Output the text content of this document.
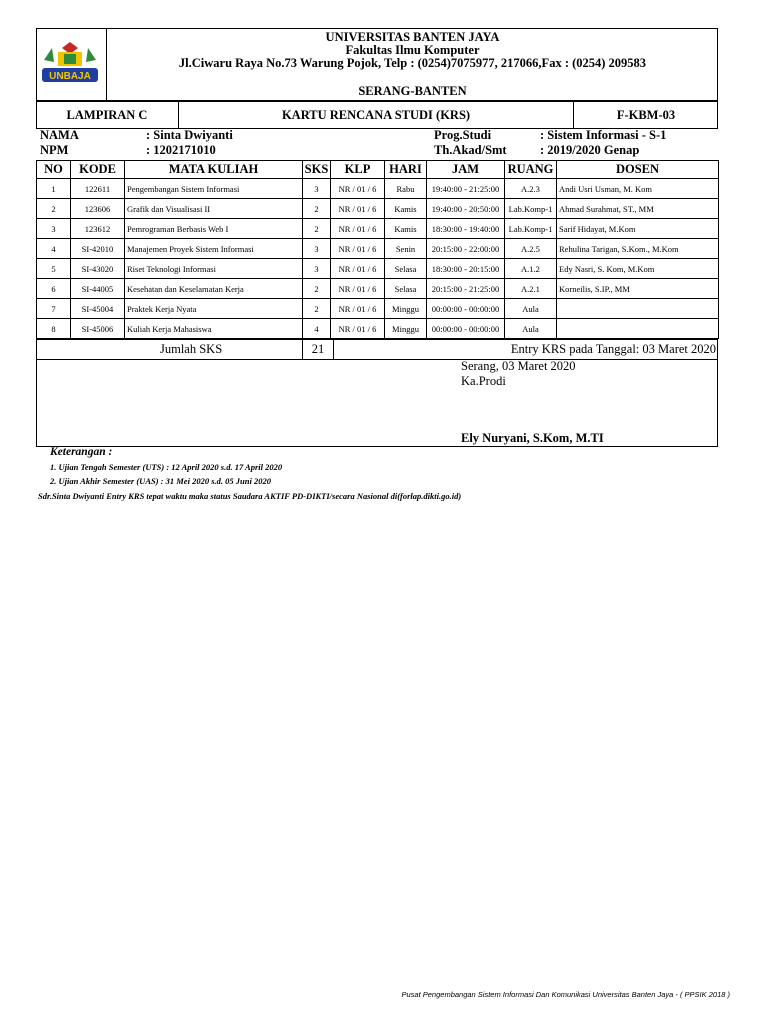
UNBAJA
UNIVERSITAS BANTEN JAYA
Fakultas Ilmu Komputer
Jl.Ciwaru Raya No.73 Warung Pojok, Telp : (0254)7075977, 217066,Fax : (0254) 209583
SERANG-BANTEN
LAMPIRAN C	KARTU RENCANA STUDI (KRS)	F-KBM-03
NAMA	: Sinta Dwiyanti
NPM	: 1202171010
Prog.Studi	: Sistem Informasi - S-1
Th.Akad/Smt	: 2019/2020 Genap
NO	KODE	MATA KULIAH	SKS	KLP	HARI	JAM	RUANG	DOSEN
1	122611	Pengembangan Sistem Informasi	3	NR / 01 / 6	Rabu	19:40:00 - 21:25:00	A.2.3	Andi Usri Usman, M. Kom
2	123606	Grafik dan Visualisasi II	2	NR / 01 / 6	Kamis	19:40:00 - 20:50:00	Lab.Komp-1	Ahmad Surahmat, ST., MM
3	123612	Pemrograman Berbasis Web I	2	NR / 01 / 6	Kamis	18:30:00 - 19:40:00	Lab.Komp-1	Sarif Hidayat, M.Kom
4	SI-42010	Manajemen Proyek Sistem Informasi	3	NR / 01 / 6	Senin	20:15:00 - 22:00:00	A.2.5	Rehulina Tarigan, S.Kom., M.Kom
5	SI-43020	Riset Teknologi Informasi	3	NR / 01 / 6	Selasa	18:30:00 - 20:15:00	A.1.2	Edy Nasri, S. Kom, M.Kom
6	SI-44005	Kesehatan dan Keselamatan Kerja	2	NR / 01 / 6	Selasa	20:15:00 - 21:25:00	A.2.1	Korneilis, S.IP., MM
7	SI-45004	Praktek Kerja Nyata	2	NR / 01 / 6	Minggu	00:00:00 - 00:00:00	Aula	
8	SI-45006	Kuliah Kerja Mahasiswa	4	NR / 01 / 6	Minggu	00:00:00 - 00:00:00	Aula	
Jumlah SKS	21	Entry KRS pada Tanggal: 03 Maret 2020
Serang, 03 Maret 2020
Ka.Prodi
Ely Nuryani, S.Kom, M.TI
Keterangan :
1. Ujian Tengah Semester (UTS) : 12 April 2020 s.d. 17 April 2020
2. Ujian Akhir Semester (UAS) : 31 Mei 2020 s.d. 05 Juni 2020
Sdr.Sinta Dwiyanti Entry KRS tepat waktu maka status Saudara AKTIF PD-DIKTI/secara Nasional di(forlap.dikti.go.id)
Pusat Pengembangan Sistem Informasi Dan Komunikasi Universitas Banten Jaya - ( PPSIK 2018 )
